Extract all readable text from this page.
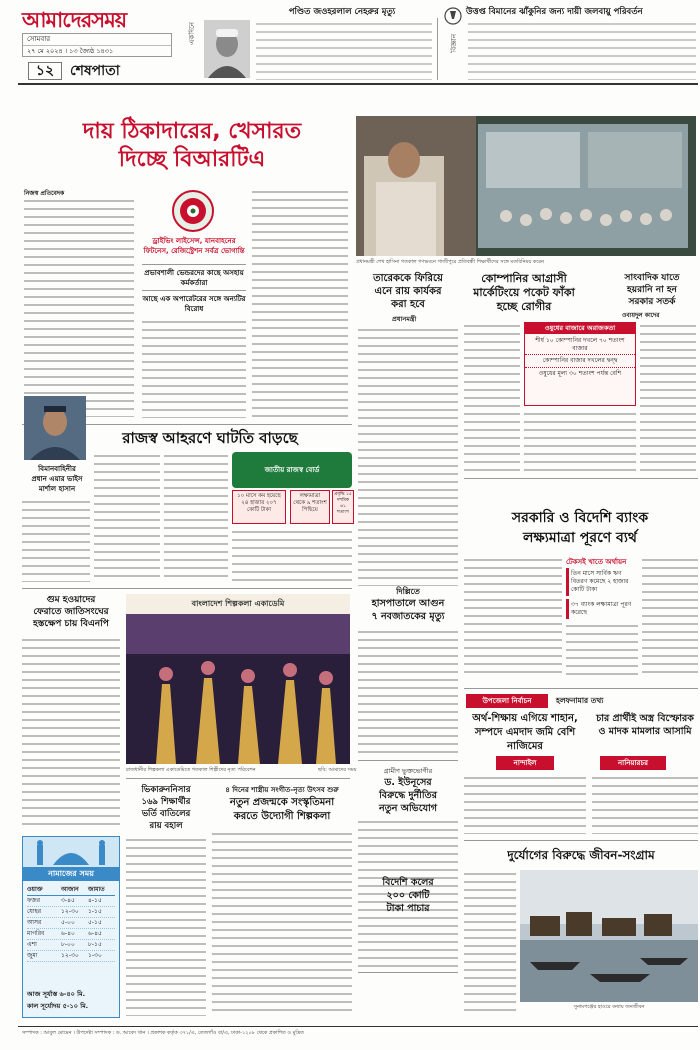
আমাদেরসময়
সোমবার
২৭ মে ২০২৪ । ১৩ জ্যৈষ্ঠ ১৪৩১
১২	শেষপাতা
একদিনে
পণ্ডিত জওহরলাল নেহরুর মৃত্যু
বিজ্ঞান
উত্তপ্ত বিমানের ঝাঁকুনির জন্য দায়ী জলবায়ু পরিবর্তন
দায় ঠিকাদারের, খেসারত
দিচ্ছে বিআরটিএ
নিজস্ব প্রতিবেদক
ড্রাইভিং লাইসেন্স, যানবাহনের ফিটনেস, রেজিস্ট্রেশন সর্বত্র ভোগান্তি
প্রভাবশালী ভেন্ডরদের কাছে অসহায় কর্মকর্তারা
আছে এক অপারেটরের সঙ্গে অন্যটির বিরোধ
প্রধানমন্ত্রী শেখ হাসিনা গতকাল গণভবনে গাজীপুরে প্রতিবন্ধী শিক্ষার্থীদের সঙ্গে মতবিনিময় করেন
তারেককে ফিরিয়ে
এনে রায় কার্যকর
করা হবে
প্রধানমন্ত্রী
কোম্পানির আগ্রাসী
মার্কেটিংয়ে পকেট ফাঁকা
হচ্ছে রোগীর
ওষুধের বাজারে অরাজকতা
শীর্ষ ১০ কোম্পানির দখলে ৭০ শতাংশ বাজার
কোম্পানির বাজার দখলের দ্বন্দ্ব
ওষুধের মূল্য ৩০ শতাংশ পর্যন্ত বেশি
সাংবাদিক যাতে
হয়রানি না হন
সরকার সতর্ক
ওবায়দুল কাদের
রাজস্ব আহরণে ঘাটতি বাড়ছে
বিমানবাহিনীর
প্রধান এয়ার ভাইস
মার্শাল হাসান
জাতীয় রাজস্ব বোর্ড
১০ মাসে কম হয়েছে ২৪ হাজার ২০৭ কোটি টাকা
লক্ষ্যমাত্রা থেকে ৯ শতাংশ পিছিয়ে
প্রবৃদ্ধি ১৫ দশমিক ৬১ শতাংশ
গুম হওয়াদের
ফেরাতে জাতিসংঘের
হস্তক্ষেপ চায় বিএনপি
বাংলাদেশ শিল্পকলা একাডেমি
রাজধানীর শিল্পকলা একাডেমিতে গতকাল শিল্পীদের নৃত্য পরিবেশন	ছবি: আমাদের সময়
দিল্লিতে
হাসপাতালে আগুন
৭ নবজাতকের মৃত্যু
সরকারি ও বিদেশি ব্যাংক
লক্ষ্যমাত্রা পূরণে ব্যর্থ
টেকসই খাতে অর্থায়ন
তিন মাসে সার্বিক ঋণ বিতরণ কমেছে ২ হাজার কোটি টাকা
৩৭ ব্যাংক লক্ষ্যমাত্রা পূরণ করেছে
গ্রামীণ ভুক্তভোগীর
ড. ইউনূসের
বিরুদ্ধে দুর্নীতির
নতুন অভিযোগ
উপজেলা নির্বাচন	হলফনামার তথ্য
অর্থ-শিক্ষায় এগিয়ে শাহান, সম্পদে এমদাদ জমি বেশি নাজিমের
নান্দাইল
চার প্রার্থীই অস্ত্র বিস্ফোরক ও মাদক মামলার আসামি
নানিয়ারচর
ভিকারুননিসার
১৬৯ শিক্ষার্থীর
ভর্তি বাতিলের
রায় বহাল
৪ দিনের শাস্ত্রীয় সংগীত-নৃত্য উৎসব শুরু
নতুন প্রজন্মকে সংস্কৃতিমনা
করতে উদ্যোগী শিল্পকলা
বিদেশি কলের
২০০ কোটি
টাকা পাচার
দুর্যোগের বিরুদ্ধে জীবন-সংগ্রাম
সুনামগঞ্জের হাওরে বন্যায় জনজীবন
নামাজের সময়
ওয়াক্ত	আজান	জামাত
ফজর	৩-৪৫	৪-১৫
যোহর	১২-৩০	১-১৫
আসর	৫-০০	৫-১৫
মাগরিব	৬-৪০	৬-৪৫
এশা	৮-০০	৮-১৫
জুমা	১২-৩০	১-৩০
আজ সূর্যাস্ত ৬-৪০ মি.
কাল সূর্যোদয় ৫-১০ মি.
সম্পাদক : আবুল মোমেন । উপদেষ্টা সম্পাদক : ড. আবেদ খান । প্রকাশক কর্তৃক ৩৭১/এ, তেজগাঁও বা/এ, ঢাকা-১২০৮ থেকে প্রকাশিত ও মুদ্রিত
